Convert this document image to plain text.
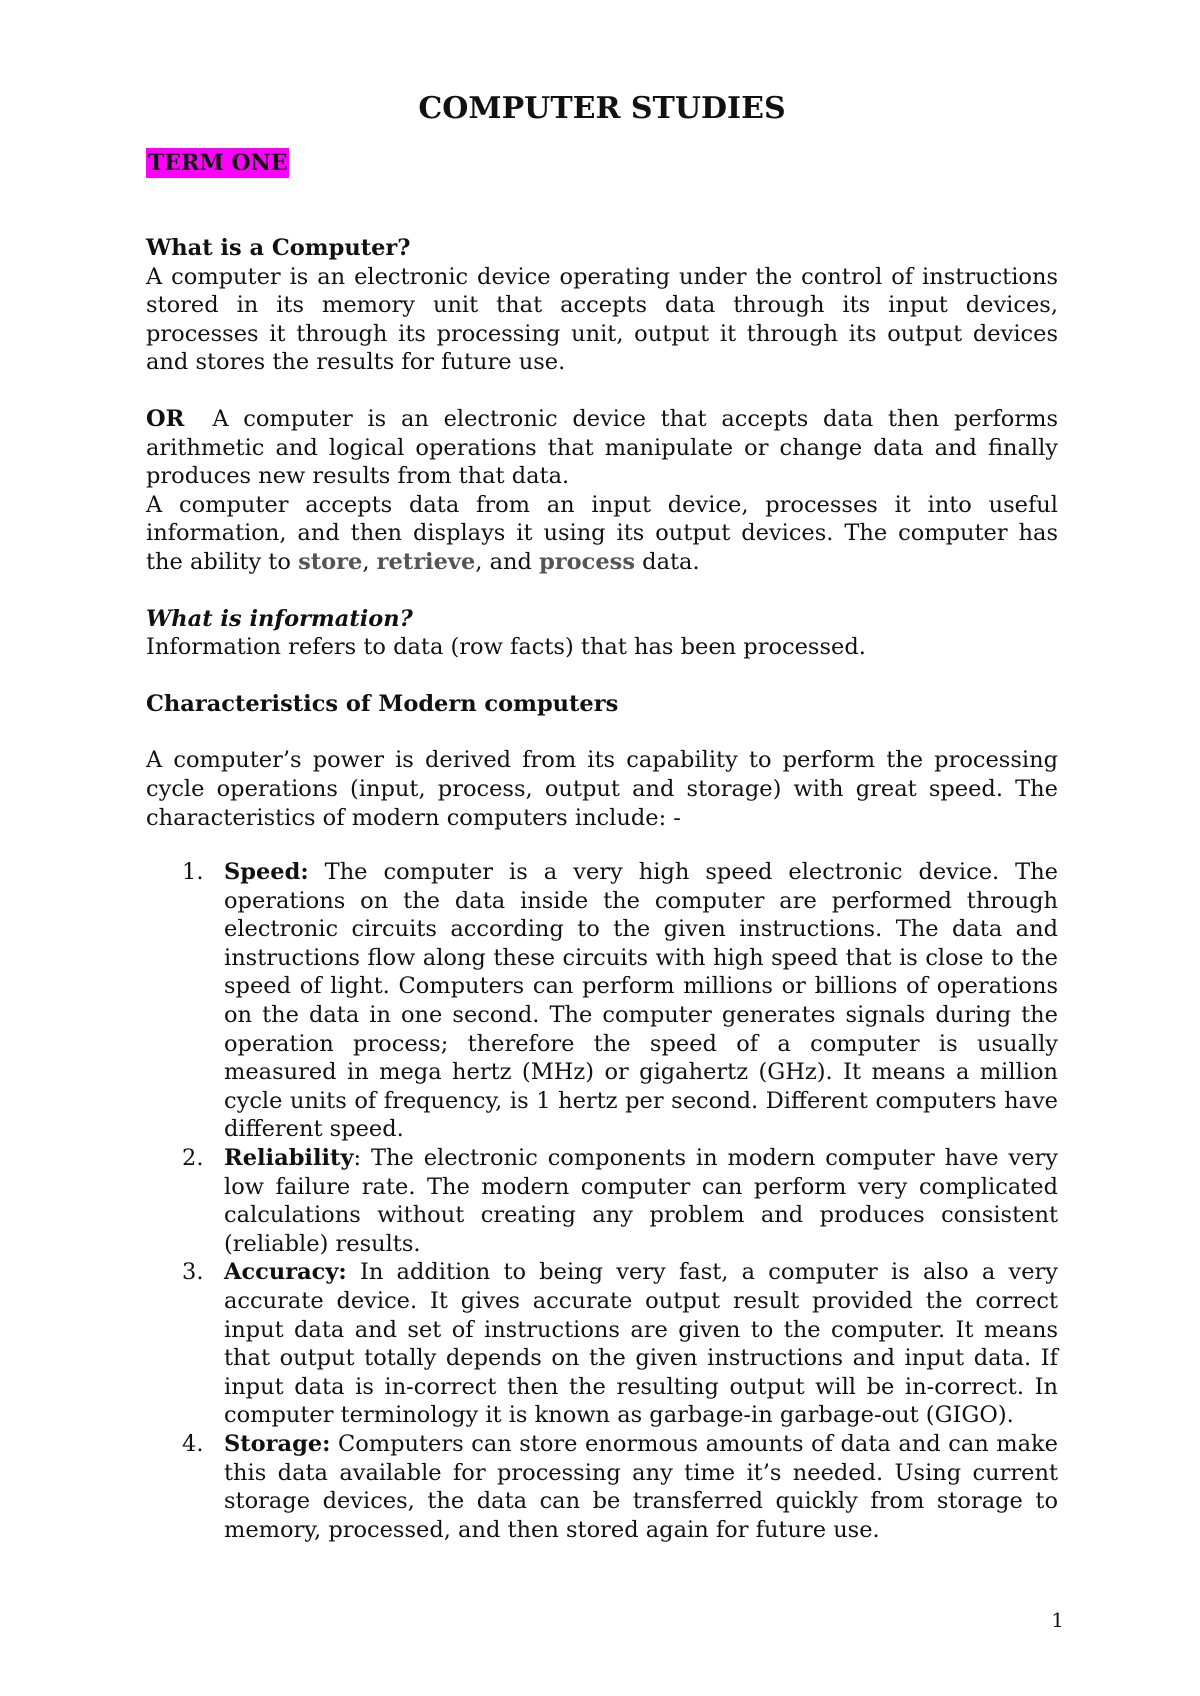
COMPUTER STUDIES
TERM ONE

What is a Computer?

A computer is an electronic device operating under the control of instructions stored in its memory unit that accepts data through its input devices, processes it through its processing unit, output it through its output devices and stores the results for future use.

OR A computer is an electronic device that accepts data then performs arithmetic and logical operations that manipulate or change data and finally produces new results from that data.

A computer accepts data from an input device, processes it into useful information, and then displays it using its output devices. The computer has the ability to store, retrieve, and process data.

What is information?

Information refers to data (row facts) that has been processed.

Characteristics of Modern computers

A computer’s power is derived from its capability to perform the processing cycle operations (input, process, output and storage) with great speed. The characteristics of modern computers include: -

1. Speed: The computer is a very high speed electronic device. The operations on the data inside the computer are performed through electronic circuits according to the given instructions. The data and instructions flow along these circuits with high speed that is close to the speed of light. Computers can perform millions or billions of operations on the data in one second. The computer generates signals during the operation process; therefore the speed of a computer is usually measured in mega hertz (MHz) or gigahertz (GHz). It means a million cycle units of frequency, is 1 hertz per second. Different computers have different speed.
2. Reliability: The electronic components in modern computer have very low failure rate. The modern computer can perform very complicated calculations without creating any problem and produces consistent (reliable) results.
3. Accuracy: In addition to being very fast, a computer is also a very accurate device. It gives accurate output result provided the correct input data and set of instructions are given to the computer. It means that output totally depends on the given instructions and input data. If input data is in-correct then the resulting output will be in-correct. In computer terminology it is known as garbage-in garbage-out (GIGO).
4. Storage: Computers can store enormous amounts of data and can make this data available for processing any time it’s needed. Using current storage devices, the data can be transferred quickly from storage to memory, processed, and then stored again for future use.
1
